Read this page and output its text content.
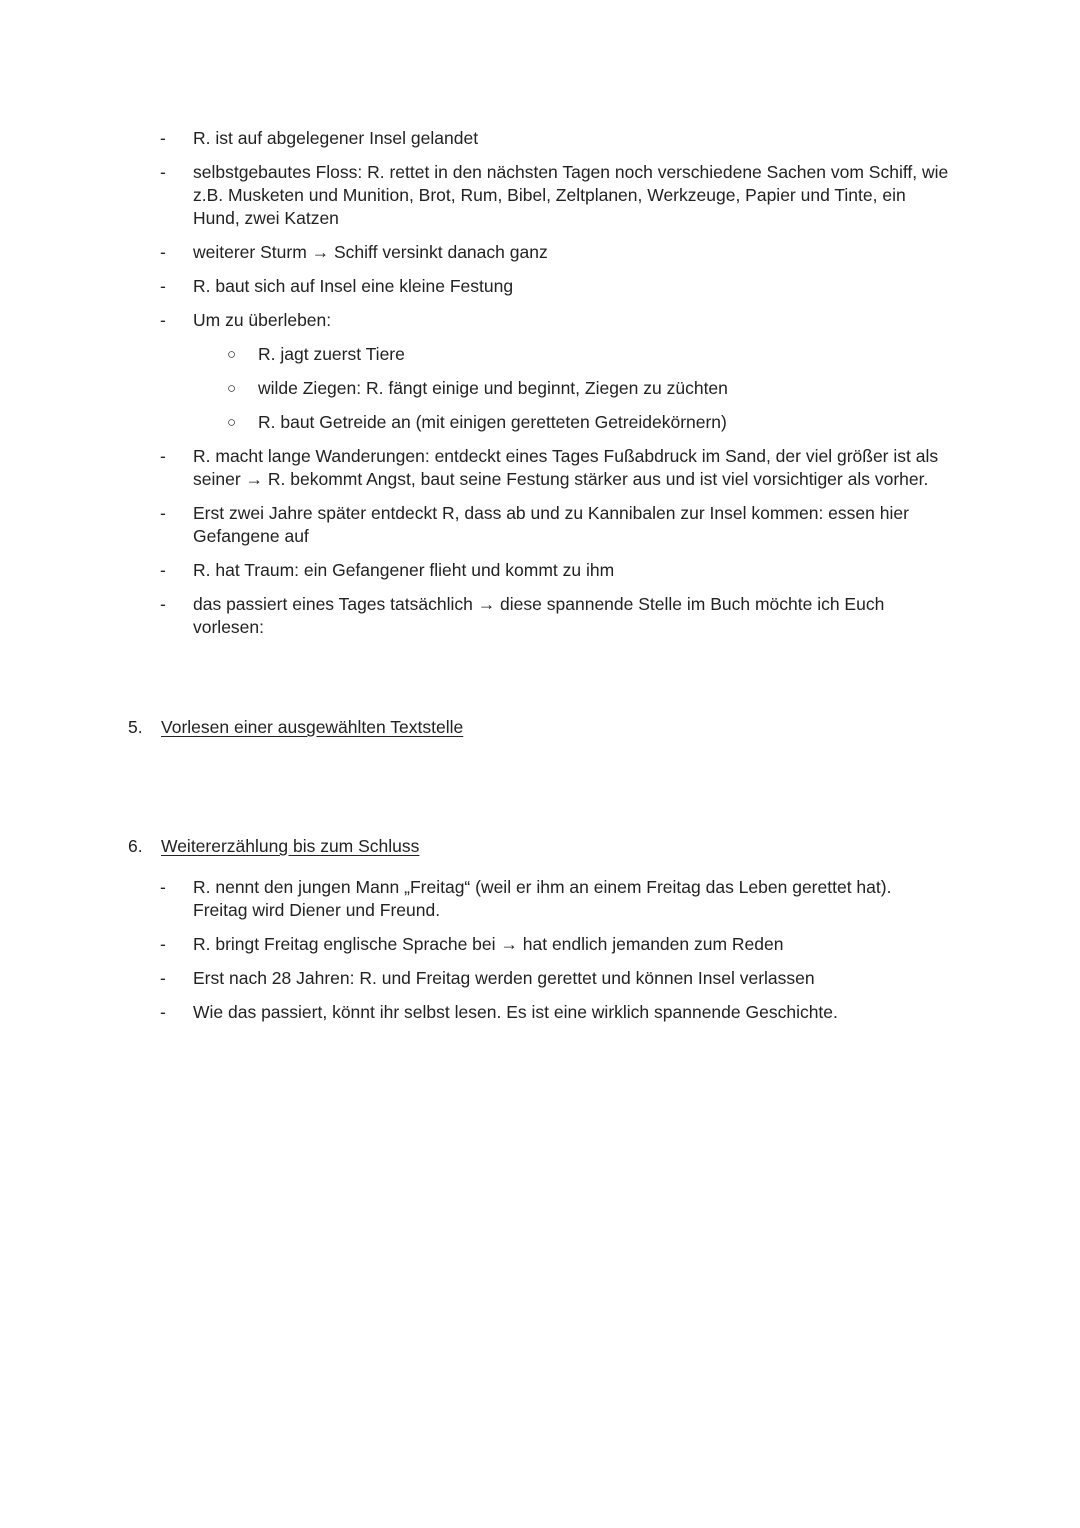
-	R. ist auf abgelegener Insel gelandet
-	selbstgebautes Floss: R. rettet in den nächsten Tagen noch verschiedene Sachen vom Schiff, wie z.B. Musketen und Munition, Brot, Rum, Bibel, Zeltplanen, Werkzeuge, Papier und Tinte, ein Hund, zwei Katzen
-	weiterer Sturm → Schiff versinkt danach ganz
-	R. baut sich auf Insel eine kleine Festung
-	Um zu überleben:
○ R. jagt zuerst Tiere
○ wilde Ziegen: R. fängt einige und beginnt, Ziegen zu züchten
○ R. baut Getreide an (mit einigen geretteten Getreidekörnern)
-	R. macht lange Wanderungen: entdeckt eines Tages Fußabdruck im Sand, der viel größer ist als seiner → R. bekommt Angst, baut seine Festung stärker aus und ist viel vorsichtiger als vorher.
-	Erst zwei Jahre später entdeckt R, dass ab und zu Kannibalen zur Insel kommen: essen hier Gefangene auf
-	R. hat Traum: ein Gefangener flieht und kommt zu ihm
-	das passiert eines Tages tatsächlich → diese spannende Stelle im Buch möchte ich Euch vorlesen:
5. Vorlesen einer ausgewählten Textstelle
6. Weitererzählung bis zum Schluss
-	R. nennt den jungen Mann „Freitag“ (weil er ihm an einem Freitag das Leben gerettet hat). Freitag wird Diener und Freund.
-	R. bringt Freitag englische Sprache bei → hat endlich jemanden zum Reden
-	Erst nach 28 Jahren: R. und Freitag werden gerettet und können Insel verlassen
-	Wie das passiert, könnt ihr selbst lesen. Es ist eine wirklich spannende Geschichte.
